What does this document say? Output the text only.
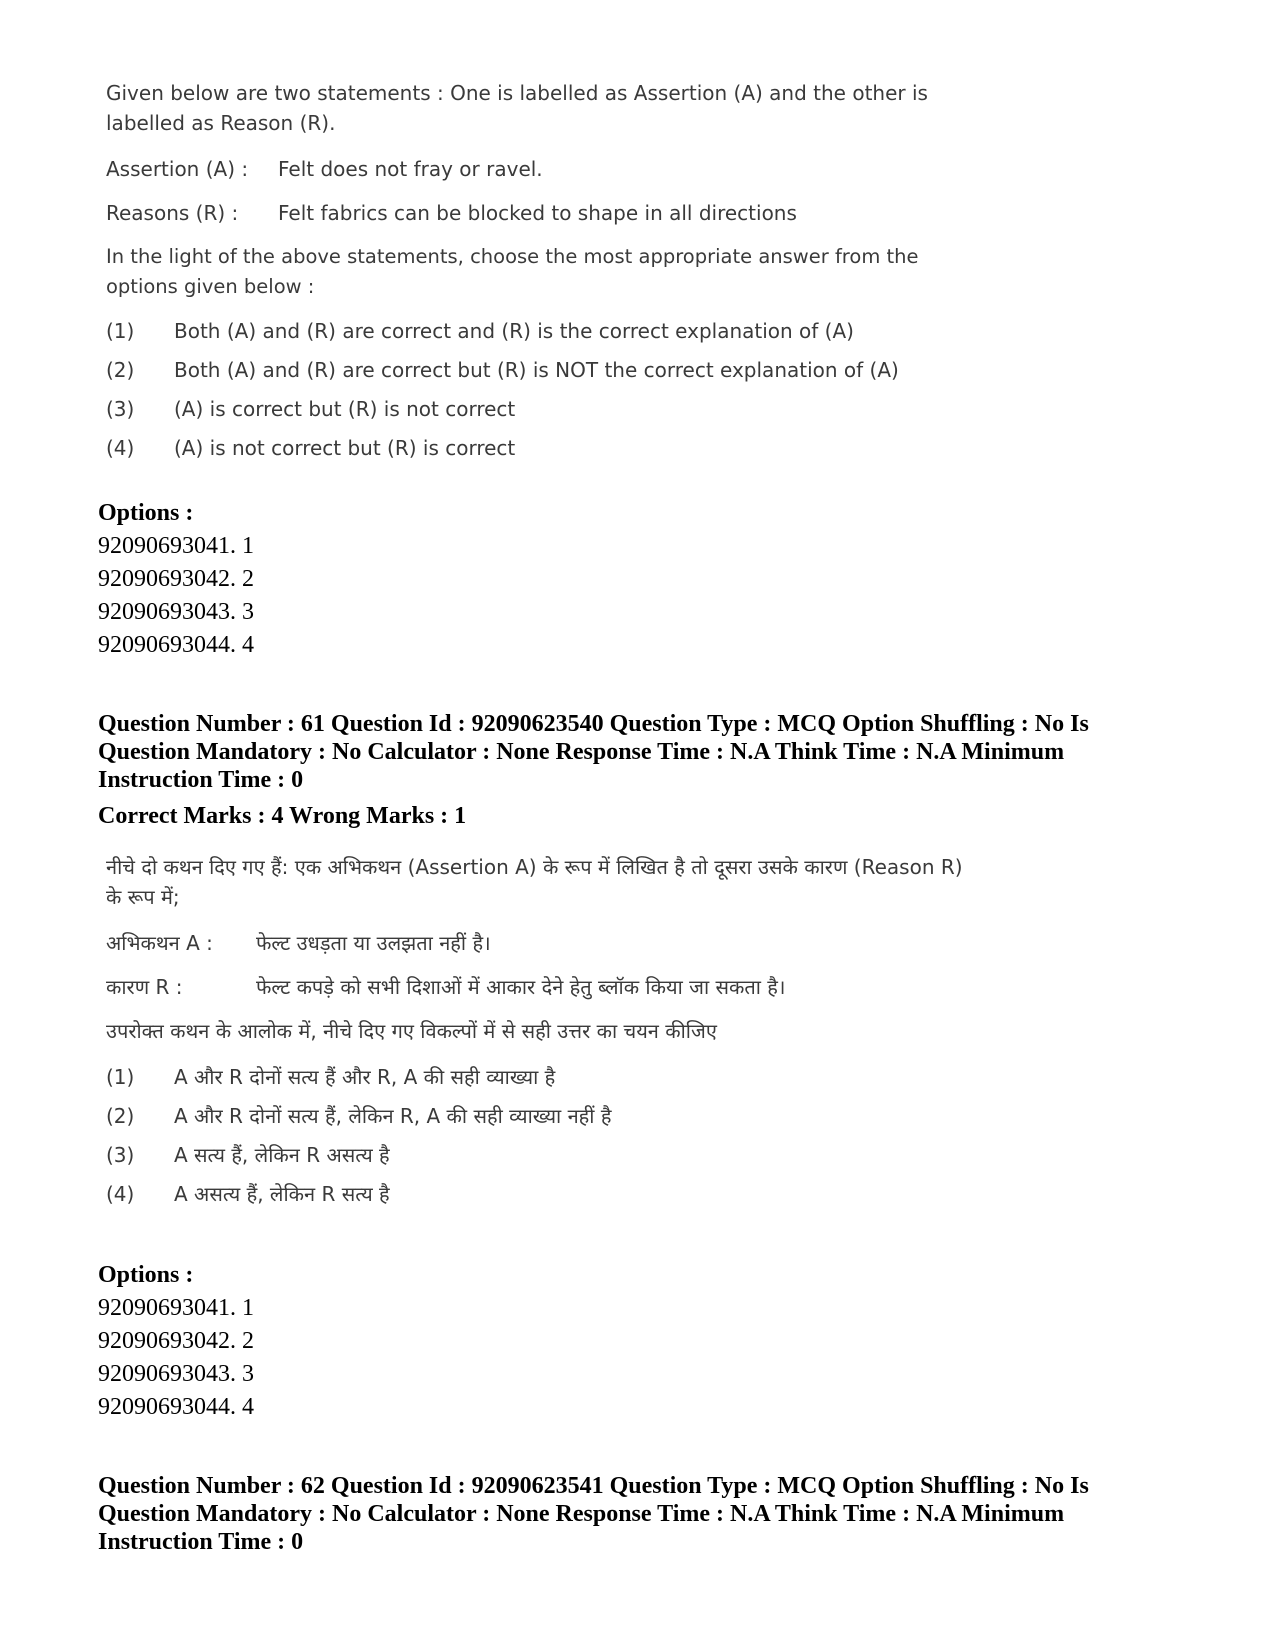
Given below are two statements : One is labelled as Assertion (A) and the other is labelled as Reason (R).

Assertion (A) :	Felt does not fray or ravel.
Reasons (R) :	Felt fabrics can be blocked to shape in all directions

In the light of the above statements, choose the most appropriate answer from the options given below :

(1)	Both (A) and (R) are correct and (R) is the correct explanation of (A)
(2)	Both (A) and (R) are correct but (R) is NOT the correct explanation of (A)
(3)	(A) is correct but (R) is not correct
(4)	(A) is not correct but (R) is correct
Options :
92090693041. 1
92090693042. 2
92090693043. 3
92090693044. 4
Question Number : 61 Question Id : 92090623540 Question Type : MCQ Option Shuffling : No Is Question Mandatory : No Calculator : None Response Time : N.A Think Time : N.A Minimum Instruction Time : 0
Correct Marks : 4 Wrong Marks : 1

नीचे दो कथन दिए गए हैं: एक अभिकथन (Assertion A) के रूप में लिखित है तो दूसरा उसके कारण (Reason R) के रूप में;

अभिकथन A :	फेल्ट उधड़ता या उलझता नहीं है।
कारण R :	फेल्ट कपड़े को सभी दिशाओं में आकार देने हेतु ब्लॉक किया जा सकता है।

उपरोक्त कथन के आलोक में, नीचे दिए गए विकल्पों में से सही उत्तर का चयन कीजिए

(1)	A और R दोनों सत्य हैं और R, A की सही व्याख्या है
(2)	A और R दोनों सत्य हैं, लेकिन R, A की सही व्याख्या नहीं है
(3)	A सत्य हैं, लेकिन R असत्य है
(4)	A असत्य हैं, लेकिन R सत्य है
Options :
92090693041. 1
92090693042. 2
92090693043. 3
92090693044. 4
Question Number : 62 Question Id : 92090623541 Question Type : MCQ Option Shuffling : No Is Question Mandatory : No Calculator : None Response Time : N.A Think Time : N.A Minimum Instruction Time : 0
